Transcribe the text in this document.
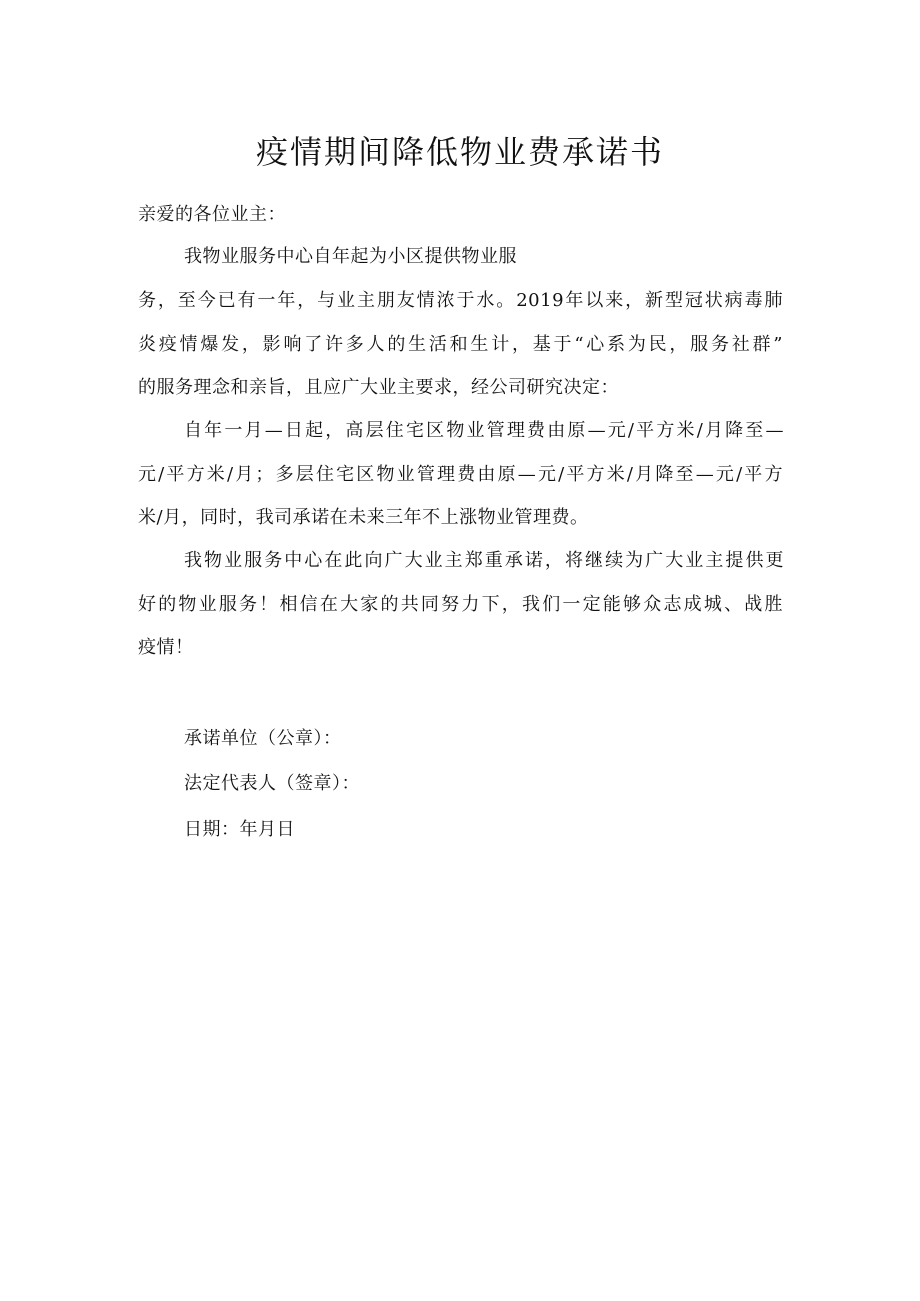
疫情期间降低物业费承诺书
亲爱的各位业主：
我物业服务中心自年起为小区提供物业服
务，至今已有一年，与业主朋友情浓于水。2019年以来，新型冠状病毒肺
炎疫情爆发，影响了许多人的生活和生计，基于“心系为民，服务社群”
的服务理念和亲旨，且应广大业主要求，经公司研究决定：
自年一月—日起，高层住宅区物业管理费由原—元/平方米/月降至—
元/平方米/月；多层住宅区物业管理费由原—元/平方米/月降至—元/平方
米/月，同时，我司承诺在未来三年不上涨物业管理费。
我物业服务中心在此向广大业主郑重承诺，将继续为广大业主提供更
好的物业服务！相信在大家的共同努力下，我们一定能够众志成城、战胜
疫情！
承诺单位（公章）：
法定代表人（签章）：
日期：年月日
